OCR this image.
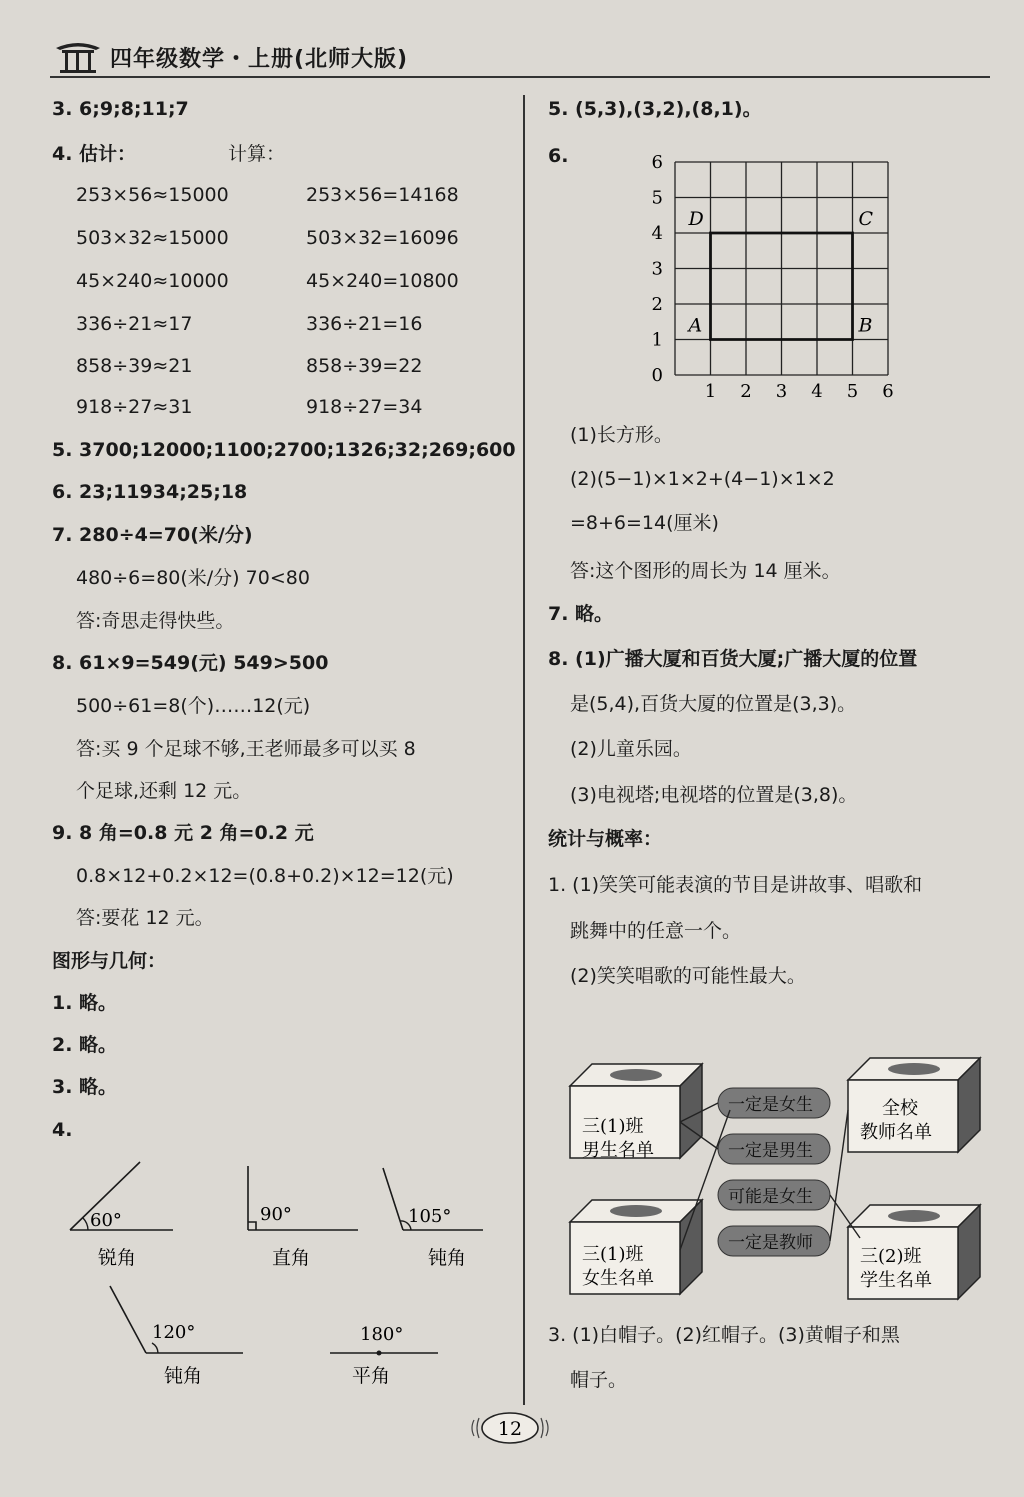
四年级数学・上册(北师大版)
3. 6;9;8;11;7
4. 估计：	计算：
253×56≈15000	253×56=14168
503×32≈15000	503×32=16096
45×240≈10000	45×240=10800
336÷21≈17	336÷21=16
858÷39≈21	858÷39=22
918÷27≈31	918÷27=34
5. 3700;12000;1100;2700;1326;32;269;600
6. 23;11934;25;18
7. 280÷4=70(米/分)
480÷6=80(米/分) 70<80
答:奇思走得快些。
8. 61×9=549(元) 549>500
500÷61=8(个)……12(元)
答:买 9 个足球不够,王老师最多可以买 8
个足球,还剩 12 元。
9. 8 角=0.8 元 2 角=0.2 元
0.8×12+0.2×12=(0.8+0.2)×12=12(元)
答:要花 12 元。
图形与几何：
1. 略。
2. 略。
3. 略。
4.
60°
锐角
90°
直角
105°
钝角
120°
钝角
180°
平角
5. (5,3),(3,2),(8,1)。
6.
1 2 3 4 5 6
0
1
2
3
4
5
6
A	B
C
D
(1)长方形。
(2)(5−1)×1×2+(4−1)×1×2
=8+6=14(厘米)
答:这个图形的周长为 14 厘米。
7. 略。
8. (1)广播大厦和百货大厦;广播大厦的位置
是(5,4),百货大厦的位置是(3,3)。
(2)儿童乐园。
(3)电视塔;电视塔的位置是(3,8)。
统计与概率：
1. (1)笑笑可能表演的节目是讲故事、唱歌和
跳舞中的任意一个。
(2)笑笑唱歌的可能性最大。
三(1)班
男生名单
全校
教师名单
三(1)班
女生名单
三(2)班
学生名单
一定是女生
一定是男生
可能是女生
一定是教师
3. (1)白帽子。(2)红帽子。(3)黄帽子和黑
帽子。
12
